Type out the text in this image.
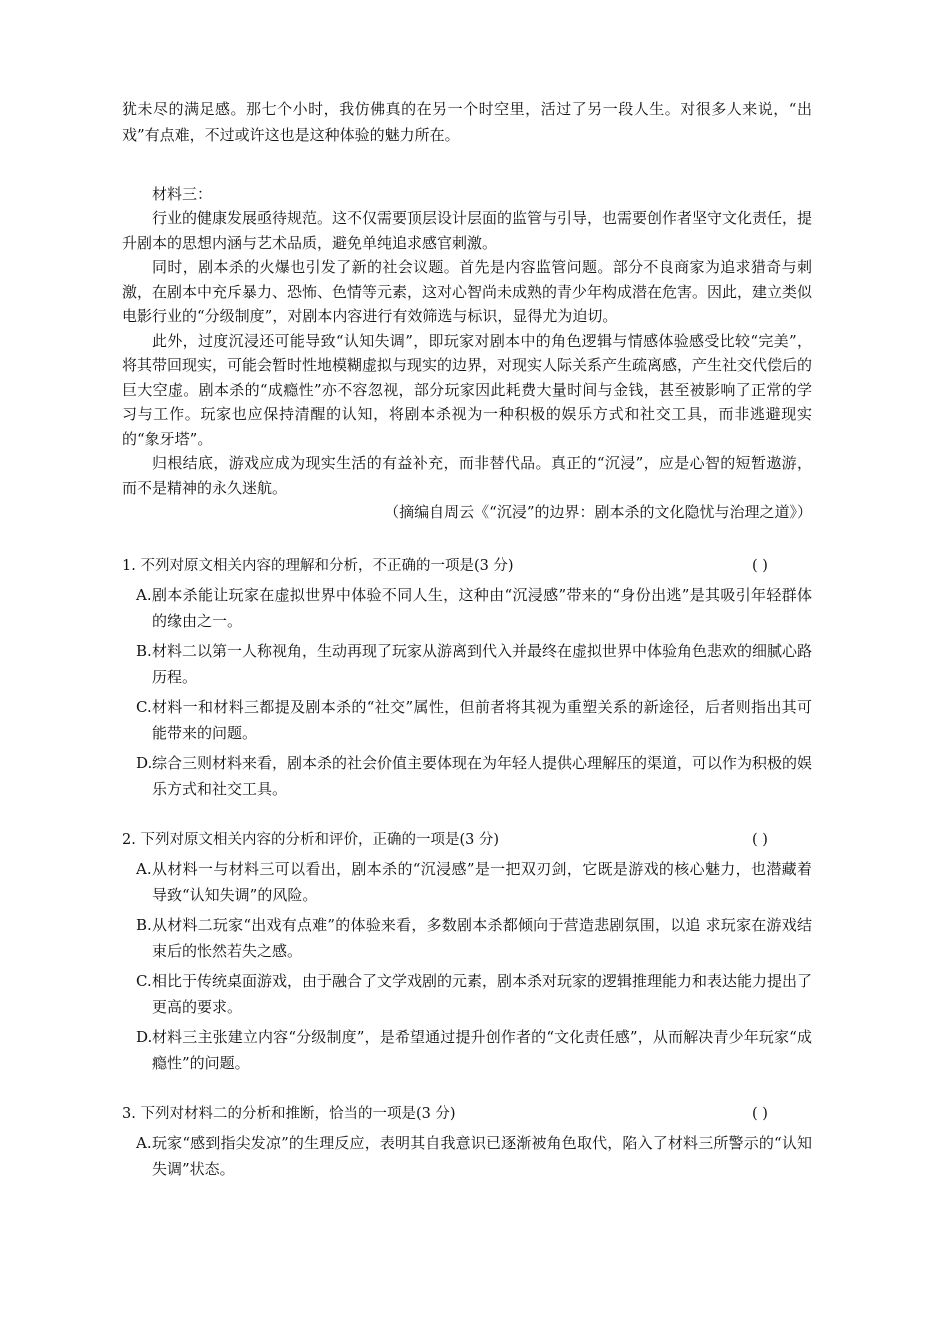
犹未尽的满足感。那七个小时，我仿佛真的在另一个时空里，活过了另一段人生。对很多人来说，“出戏”有点难，不过或许这也是这种体验的魅力所在。

材料三：

行业的健康发展亟待规范。这不仅需要顶层设计层面的监管与引导，也需要创作者坚守文化责任，提升剧本的思想内涵与艺术品质，避免单纯追求感官刺激。

同时，剧本杀的火爆也引发了新的社会议题。首先是内容监管问题。部分不良商家为追求猎奇与刺激，在剧本中充斥暴力、恐怖、色情等元素，这对心智尚未成熟的青少年构成潜在危害。因此，建立类似电影行业的“分级制度”，对剧本内容进行有效筛选与标识，显得尤为迫切。

此外，过度沉浸还可能导致“认知失调”，即玩家对剧本中的角色逻辑与情感体验感受比较“完美”，将其带回现实，可能会暂时性地模糊虚拟与现实的边界，对现实人际关系产生疏离感，产生社交代偿后的巨大空虚。剧本杀的“成瘾性”亦不容忽视，部分玩家因此耗费大量时间与金钱，甚至被影响了正常的学习与工作。玩家也应保持清醒的认知，将剧本杀视为一种积极的娱乐方式和社交工具，而非逃避现实的“象牙塔”。

归根结底，游戏应成为现实生活的有益补充，而非替代品。真正的“沉浸”，应是心智的短暂遨游，而不是精神的永久迷航。

（摘编自周云《“沉浸”的边界：剧本杀的文化隐忧与治理之道》）

1. 不列对原文相关内容的理解和分析，不正确的一项是(3 分)	( )
A. 剧本杀能让玩家在虚拟世界中体验不同人生，这种由“沉浸感”带来的“身份出逃”是其吸引年轻群体的缘由之一。
B. 材料二以第一人称视角，生动再现了玩家从游离到代入并最终在虚拟世界中体验角色悲欢的细腻心路历程。
C. 材料一和材料三都提及剧本杀的“社交”属性，但前者将其视为重塑关系的新途径，后者则指出其可能带来的问题。
D. 综合三则材料来看，剧本杀的社会价值主要体现在为年轻人提供心理解压的渠道，可以作为积极的娱乐方式和社交工具。
2. 下列对原文相关内容的分析和评价，正确的一项是(3 分)	( )
A. 从材料一与材料三可以看出，剧本杀的“沉浸感”是一把双刃剑，它既是游戏的核心魅力，也潜藏着导致“认知失调”的风险。
B. 从材料二玩家“出戏有点难”的体验来看，多数剧本杀都倾向于营造悲剧氛围，以追 求玩家在游戏结束后的怅然若失之感。
C. 相比于传统桌面游戏，由于融合了文学戏剧的元素，剧本杀对玩家的逻辑推理能力和表达能力提出了更高的要求。
D. 材料三主张建立内容“分级制度”，是希望通过提升创作者的“文化责任感”，从而解决青少年玩家“成瘾性”的问题。
3. 下列对材料二的分析和推断，恰当的一项是(3 分)	( )
A. 玩家“感到指尖发凉”的生理反应，表明其自我意识已逐渐被角色取代，陷入了材料三所警示的“认知失调”状态。
